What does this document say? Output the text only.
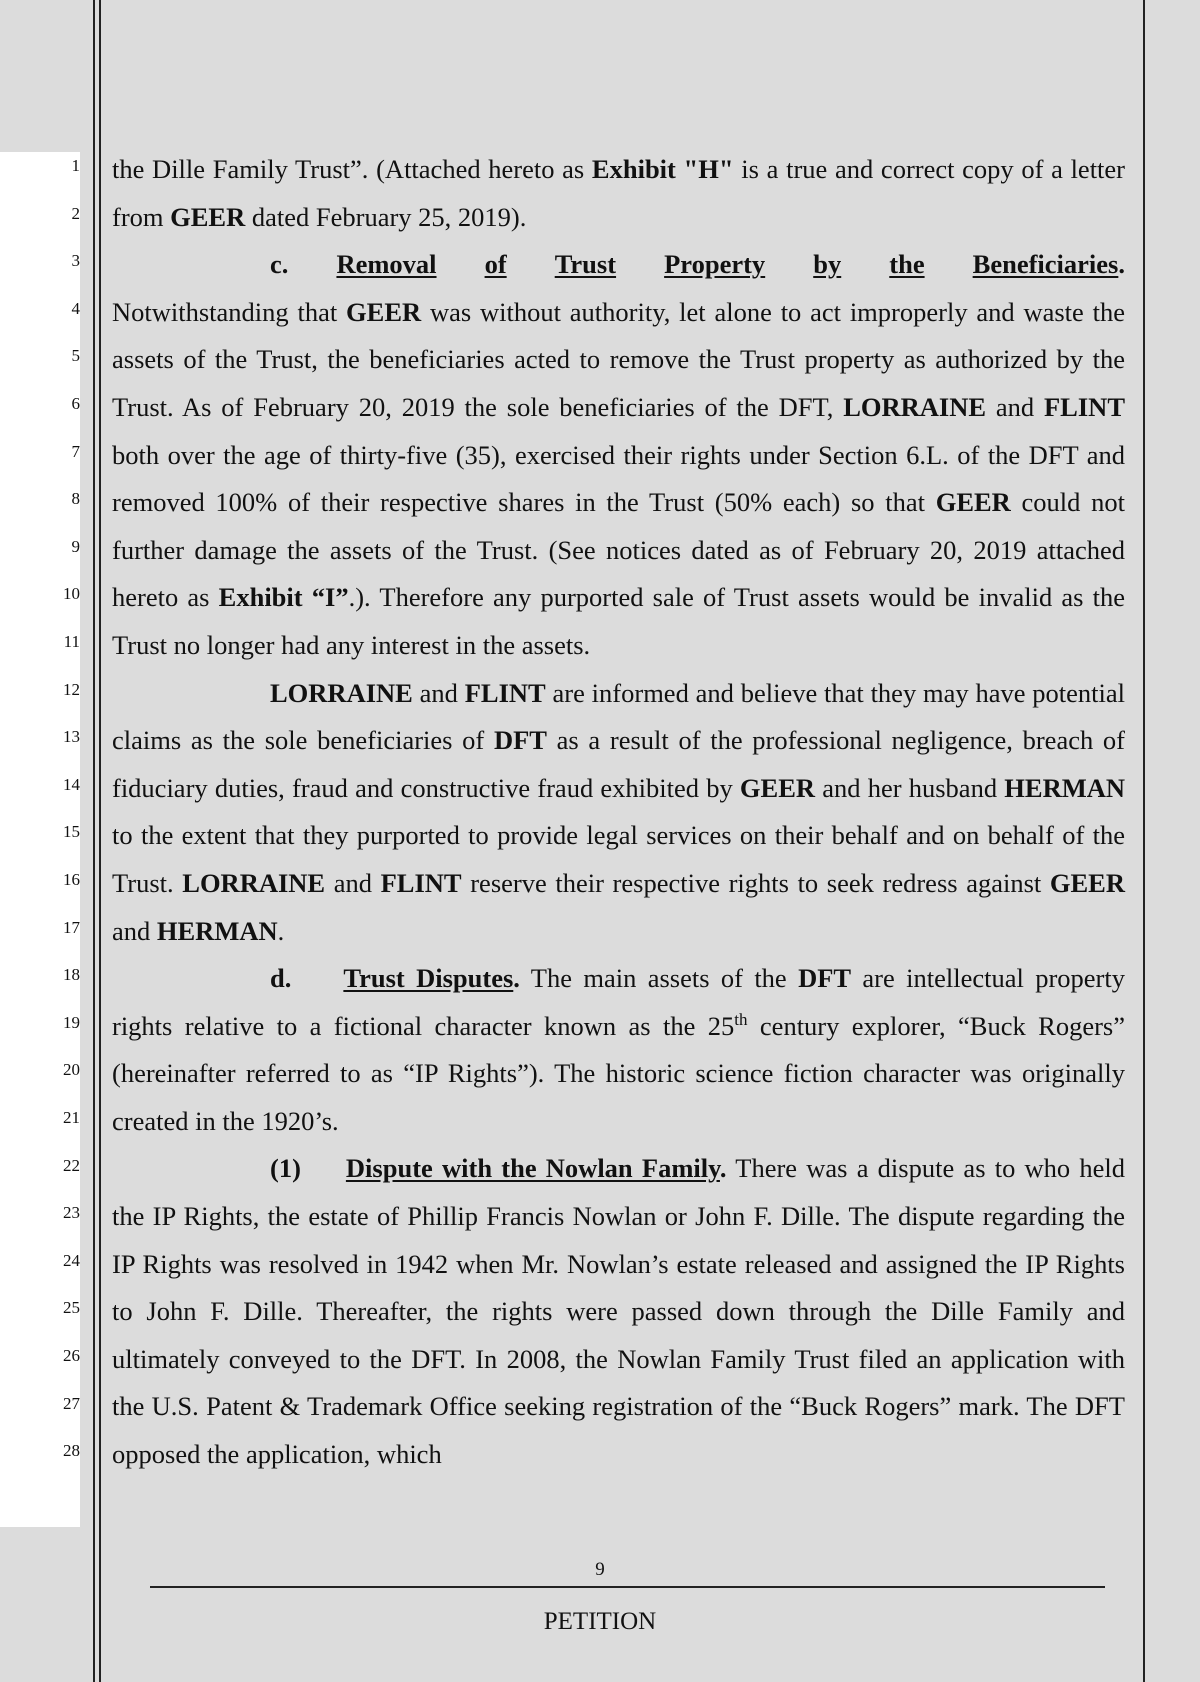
1
2
3
4
5
6
7
8
9
10
11
12
13
14
15
16
17
18
19
20
21
22
23
24
25
26
27
28

the Dille Family Trust”. (Attached hereto as Exhibit "H" is a true and correct copy of a letter from GEER dated February 25, 2019).

c. Removal of Trust Property by the Beneficiaries.

Notwithstanding that GEER was without authority, let alone to act improperly and waste the assets of the Trust, the beneficiaries acted to remove the Trust property as authorized by the Trust. As of February 20, 2019 the sole beneficiaries of the DFT, LORRAINE and FLINT both over the age of thirty-five (35), exercised their rights under Section 6.L. of the DFT and removed 100% of their respective shares in the Trust (50% each) so that GEER could not further damage the assets of the Trust. (See notices dated as of February 20, 2019 attached hereto as Exhibit “I”.). Therefore any purported sale of Trust assets would be invalid as the Trust no longer had any interest in the assets.

LORRAINE and FLINT are informed and believe that they may have potential claims as the sole beneficiaries of DFT as a result of the professional negligence, breach of fiduciary duties, fraud and constructive fraud exhibited by GEER and her husband HERMAN to the extent that they purported to provide legal services on their behalf and on behalf of the Trust. LORRAINE and FLINT reserve their respective rights to seek redress against GEER and HERMAN.

d. Trust Disputes. The main assets of the DFT are intellectual property rights relative to a fictional character known as the 25th century explorer, “Buck Rogers” (hereinafter referred to as “IP Rights”). The historic science fiction character was originally created in the 1920’s.

(1) Dispute with the Nowlan Family. There was a dispute as to who held the IP Rights, the estate of Phillip Francis Nowlan or John F. Dille. The dispute regarding the IP Rights was resolved in 1942 when Mr. Nowlan’s estate released and assigned the IP Rights to John F. Dille. Thereafter, the rights were passed down through the Dille Family and ultimately conveyed to the DFT. In 2008, the Nowlan Family Trust filed an application with the U.S. Patent & Trademark Office seeking registration of the “Buck Rogers” mark. The DFT opposed the application, which

9
PETITION
